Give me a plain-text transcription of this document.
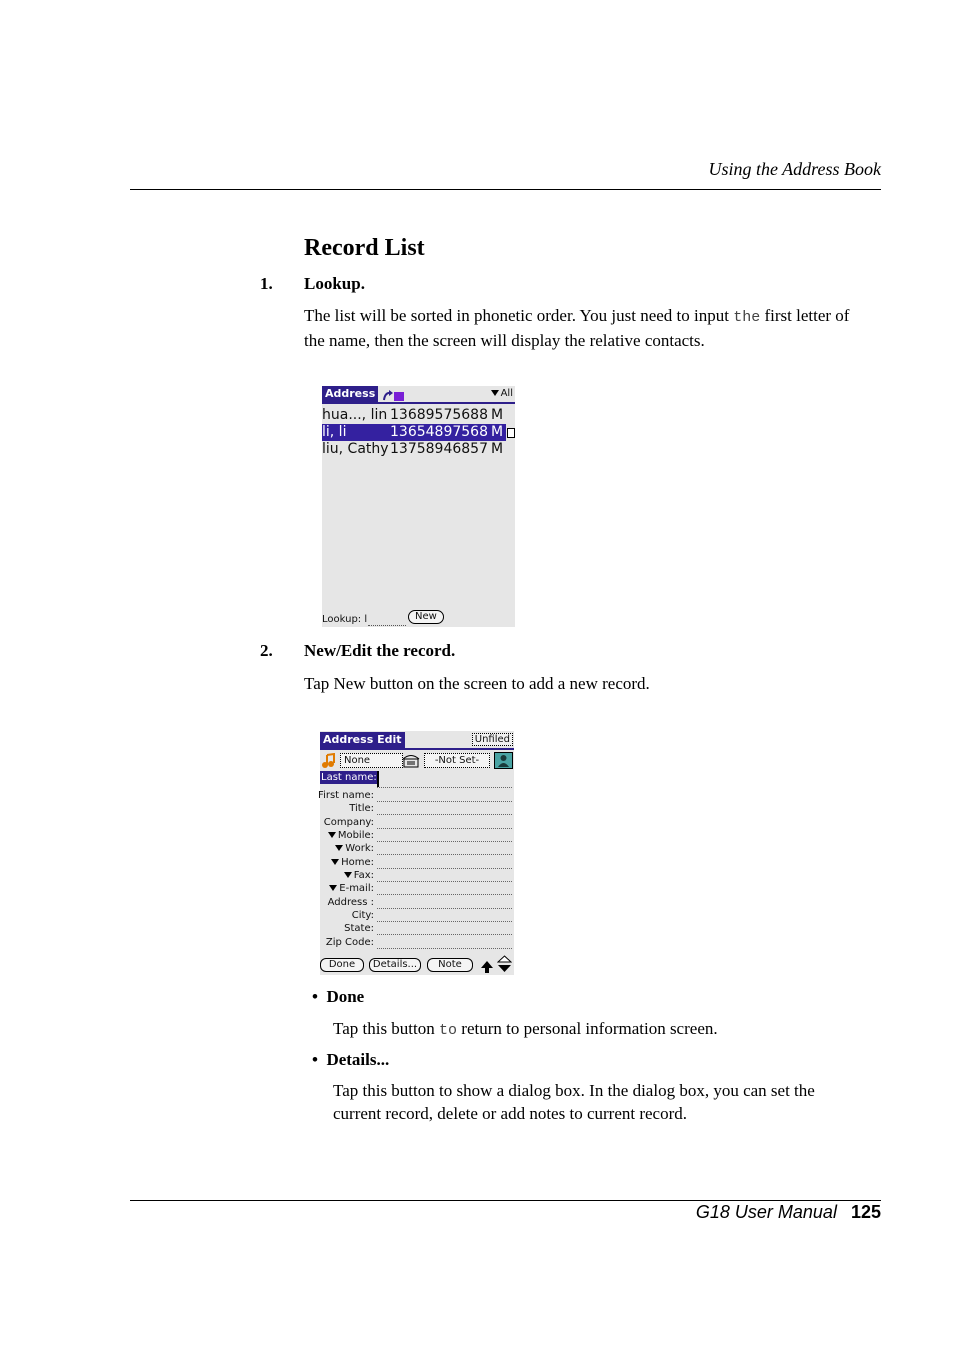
Using the Address Book
Record List
1. Lookup.
The list will be sorted in phonetic order. You just need to input the first letter of the name, then the screen will display the relative contacts.
Address	All
hua..., lin 13689575688 M
li, li	13654897568 M
liu, Cathy 13758946857 M
Lookup: l	New
2. New/Edit the record.
Tap New button on the screen to add a new record.
Address Edit	Unfiled
None	-Not Set-
Last name:
First name:
Title:
Company:
Mobile:
Work:
Home:
Fax:
E-mail:
Address :
City:
State:
Zip Code:
Done	Details...	Note
•  Done
Tap this button to return to personal information screen.
•  Details...
Tap this button to show a dialog box. In the dialog box, you can set the current record, delete or add notes to current record.
G18 User Manual 125
